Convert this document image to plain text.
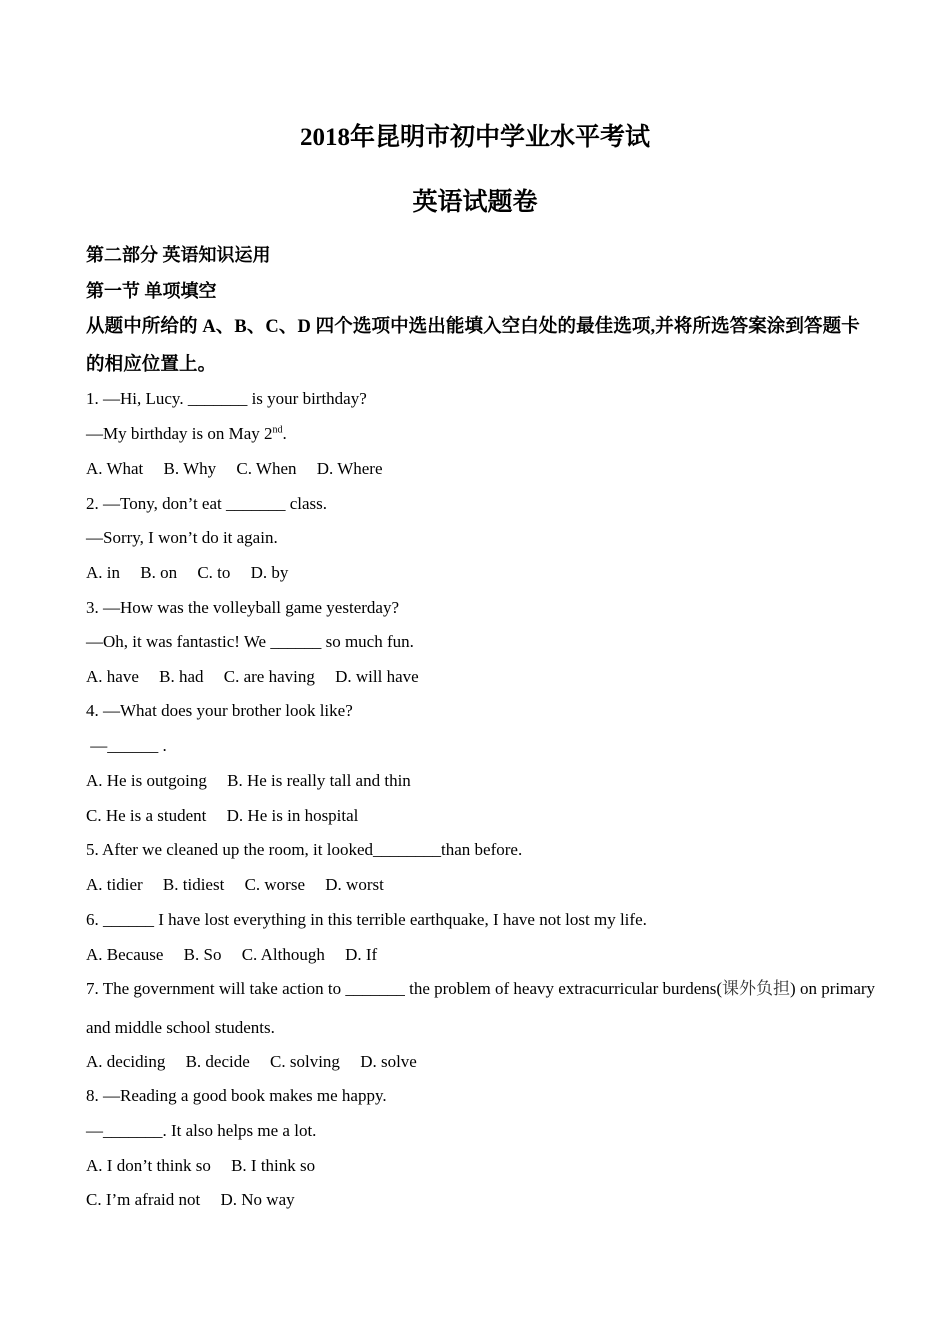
2018年昆明市初中学业水平考试
英语试题卷
第二部分 英语知识运用
第一节 单项填空
从题中所给的 A、B、C、D 四个选项中选出能填入空白处的最佳选项,并将所选答案涂到答题卡
的相应位置上。
1. —Hi, Lucy. _______ is your birthday?
—My birthday is on May 2nd.
A. What B. Why C. When D. Where
2. —Tony, don’t eat _______ class.
—Sorry, I won’t do it again.
A. in B. on C. to D. by
3. —How was the volleyball game yesterday?
—Oh, it was fantastic! We ______ so much fun.
A. have B. had C. are having D. will have
4. —What does your brother look like?
—______ .
A. He is outgoing B. He is really tall and thin
C. He is a student D. He is in hospital
5. After we cleaned up the room, it looked________than before.
A. tidier B. tidiest C. worse D. worst
6. ______ I have lost everything in this terrible earthquake, I have not lost my life.
A. Because B. So C. Although D. If
7. The government will take action to _______ the problem of heavy extracurricular burdens(课外负担) on primary
and middle school students.
A. deciding B. decide C. solving D. solve
8. —Reading a good book makes me happy.
—_______. It also helps me a lot.
A. I don’t think so B. I think so
C. I’m afraid not D. No way
